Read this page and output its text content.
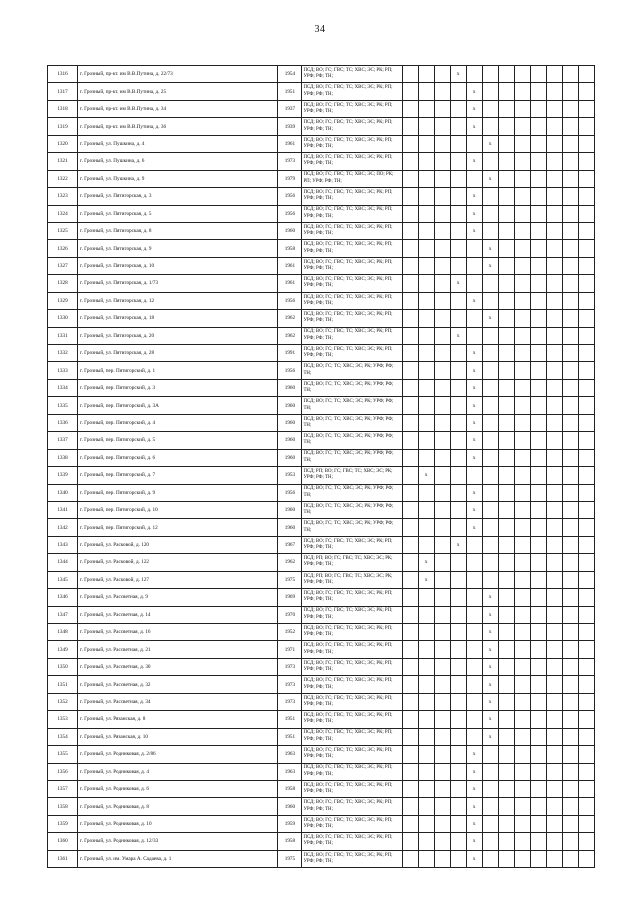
34
1316	г. Грозный, пр-кт. им В.В.Путина, д. 22/73	1954	ПСД; ВО; ГС; ГВС; ТС; ХВС; ЭС; РК; РП; УРФ; РФ; ТН;				x								
1317	г. Грозный, пр-кт. им В.В.Путина, д. 25	1951	ПСД; ВО; ГС; ГВС; ТС; ХВС; ЭС; РК; РП; УРФ; РФ; ТН;					x							
1318	г. Грозный, пр-кт. им В.В.Путина, д. 34	1937	ПСД; ВО; ГС; ГВС; ТС; ХВС; ЭС; РК; РП; УРФ; РФ; ТН;					x							
1319	г. Грозный, пр-кт. им В.В.Путина, д. 36	1939	ПСД; ВО; ГС; ГВС; ТС; ХВС; ЭС; РК; РП; УРФ; РФ; ТН;					x							
1320	г. Грозный, ул. Пушкина, д. 4	1961	ПСД; ВО; ГС; ГВС; ТС; ХВС; ЭС; РК; РП; УРФ; РФ; ТН;						x						
1321	г. Грозный, ул. Пушкина, д. 6	1973	ПСД; ВО; ГС; ГВС; ТС; ХВС; ЭС; РК; РП; УРФ; РФ; ТН;					x							
1322	г. Грозный, ул. Пушкина, д. 9	1979	ПСД; ВО; ГС; ГВС; ТС; ХВС; ЭС; ПО; РК; РП; УРФ; РФ; ТН;						x						
1323	г. Грозный, ул. Пятигорская, д. 3	1956	ПСД; ВО; ГС; ГВС; ТС; ХВС; ЭС; РК; РП; УРФ; РФ; ТН;					x							
1324	г. Грозный, ул. Пятигорская, д. 5	1956	ПСД; ВО; ГС; ГВС; ТС; ХВС; ЭС; РК; РП; УРФ; РФ; ТН;					x							
1325	г. Грозный, ул. Пятигорская, д. 8	1960	ПСД; ВО; ГС; ГВС; ТС; ХВС; ЭС; РК; РП; УРФ; РФ; ТН;					x							
1326	г. Грозный, ул. Пятигорская, д. 9	1958	ПСД; ВО; ГС; ГВС; ТС; ХВС; ЭС; РК; РП; УРФ; РФ; ТН;						x						
1327	г. Грозный, ул. Пятигорская, д. 10	1961	ПСД; ВО; ГС; ГВС; ТС; ХВС; ЭС; РК; РП; УРФ; РФ; ТН;						x						
1328	г. Грозный, ул. Пятигорская, д. 1/73	1961	ПСД; ВО; ГС; ГВС; ТС; ХВС; ЭС; РК; РП; УРФ; РФ; ТН;				x								
1329	г. Грозный, ул. Пятигорская, д. 12	1956	ПСД; ВО; ГС; ГВС; ТС; ХВС; ЭС; РК; РП; УРФ; РФ; ТН;					x							
1330	г. Грозный, ул. Пятигорская, д. 18	1962	ПСД; ВО; ГС; ГВС; ТС; ХВС; ЭС; РК; РП; УРФ; РФ; ТН;						x						
1331	г. Грозный, ул. Пятигорская, д. 20	1962	ПСД; ВО; ГС; ГВС; ТС; ХВС; ЭС; РК; РП; УРФ; РФ; ТН;				x								
1332	г. Грозный, ул. Пятигорская, д. 28	1991	ПСД; ВО; ГС; ГВС; ТС; ХВС; ЭС; РК; РП; УРФ; РФ; ТН;					x							
1333	г. Грозный, пер. Пятигорский, д. 1	1956	ПСД; ВО; ГС; ТС; ХВС; ЭС; РК; УРФ; РФ; ТН;					x							
1334	г. Грозный, пер. Пятигорский, д. 3	1960	ПСД; ВО; ГС; ТС; ХВС; ЭС; РК; УРФ; РФ; ТН;					x							
1335	г. Грозный, пер. Пятигорский, д. 3А	1960	ПСД; ВО; ГС; ТС; ХВС; ЭС; РК; УРФ; РФ; ТН;					x							
1336	г. Грозный, пер. Пятигорский, д. 4	1960	ПСД; ВО; ГС; ТС; ХВС; ЭС; РК; УРФ; РФ; ТН;					x							
1337	г. Грозный, пер. Пятигорский, д. 5	1960	ПСД; ВО; ГС; ТС; ХВС; ЭС; РК; УРФ; РФ; ТН;					x							
1338	г. Грозный, пер. Пятигорский, д. 6	1960	ПСД; ВО; ГС; ТС; ХВС; ЭС; РК; УРФ; РФ; ТН;					x							
1339	г. Грозный, пер. Пятигорский, д. 7	1953	ПСД; РП; ВО; ГС; ГВС; ТС; ХВС; ЭС; РК; УРФ; РФ; ТН;		x										
1340	г. Грозный, пер. Пятигорский, д. 9	1956	ПСД; ВО; ГС; ТС; ХВС; ЭС; РК; УРФ; РФ; ТН;					x							
1341	г. Грозный, пер. Пятигорский, д. 10	1960	ПСД; ВО; ГС; ТС; ХВС; ЭС; РК; УРФ; РФ; ТН;					x							
1342	г. Грозный, пер. Пятигорский, д. 12	1960	ПСД; ВО; ГС; ТС; ХВС; ЭС; РК; УРФ; РФ; ТН;					x							
1343	г. Грозный, ул. Расковой, д. 120	1967	ПСД; ВО; ГС; ГВС; ТС; ХВС; ЭС; РК; РП; УРФ; РФ; ТН;				x								
1344	г. Грозный, ул. Расковой, д. 122	1962	ПСД; РП; ВО; ГС; ГВС; ТС; ХВС; ЭС; РК; УРФ; РФ; ТН;		x										
1345	г. Грозный, ул. Расковой, д. 127	1975	ПСД; РП; ВО; ГС; ГВС; ТС; ХВС; ЭС; РК; УРФ; РФ; ТН;		x										
1346	г. Грозный, ул. Рассветная, д. 9	1969	ПСД; ВО; ГС; ГВС; ТС; ХВС; ЭС; РК; РП; УРФ; РФ; ТН;						x						
1347	г. Грозный, ул. Рассветная, д. 14	1970	ПСД; ВО; ГС; ГВС; ТС; ХВС; ЭС; РК; РП; УРФ; РФ; ТН;						x						
1348	г. Грозный, ул. Рассветная, д. 16	1952	ПСД; ВО; ГС; ГВС; ТС; ХВС; ЭС; РК; РП; УРФ; РФ; ТН;						x						
1349	г. Грозный, ул. Рассветная, д. 21	1971	ПСД; ВО; ГС; ГВС; ТС; ХВС; ЭС; РК; РП; УРФ; РФ; ТН;						x						
1350	г. Грозный, ул. Рассветная, д. 30	1973	ПСД; ВО; ГС; ГВС; ТС; ХВС; ЭС; РК; РП; УРФ; РФ; ТН;						x						
1351	г. Грозный, ул. Рассветная, д. 32	1973	ПСД; ВО; ГС; ГВС; ТС; ХВС; ЭС; РК; РП; УРФ; РФ; ТН;						x						
1352	г. Грозный, ул. Рассветная, д. 34	1973	ПСД; ВО; ГС; ГВС; ТС; ХВС; ЭС; РК; РП; УРФ; РФ; ТН;						x						
1353	г. Грозный, ул. Рязанская, д. 8	1951	ПСД; ВО; ГС; ГВС; ТС; ХВС; ЭС; РК; РП; УРФ; РФ; ТН;						x						
1354	г. Грозный, ул. Рязанская, д. 10	1951	ПСД; ВО; ГС; ГВС; ТС; ХВС; ЭС; РК; РП; УРФ; РФ; ТН;						x						
1355	г. Грозный, ул. Родниковая, д. 2/86	1963	ПСД; ВО; ГС; ГВС; ТС; ХВС; ЭС; РК; РП; УРФ; РФ; ТН;					x							
1356	г. Грозный, ул. Родниковая, д. 4	1963	ПСД; ВО; ГС; ГВС; ТС; ХВС; ЭС; РК; РП; УРФ; РФ; ТН;					x							
1357	г. Грозный, ул. Родниковая, д. 6	1958	ПСД; ВО; ГС; ГВС; ТС; ХВС; ЭС; РК; РП; УРФ; РФ; ТН;					x							
1358	г. Грозный, ул. Родниковая, д. 8	1960	ПСД; ВО; ГС; ГВС; ТС; ХВС; ЭС; РК; РП; УРФ; РФ; ТН;					x							
1359	г. Грозный, ул. Родниковая, д. 10	1959	ПСД; ВО; ГС; ГВС; ТС; ХВС; ЭС; РК; РП; УРФ; РФ; ТН;					x							
1360	г. Грозный, ул. Родниковая, д. 12/33	1958	ПСД; ВО; ГС; ГВС; ТС; ХВС; ЭС; РК; РП; УРФ; РФ; ТН;					x							
1361	г. Грозный, ул. им. Умара А. Садаева, д. 1	1975	ПСД; ВО; ГС; ГВС; ТС; ХВС; ЭС; РК; РП; УРФ; РФ; ТН;					x							
